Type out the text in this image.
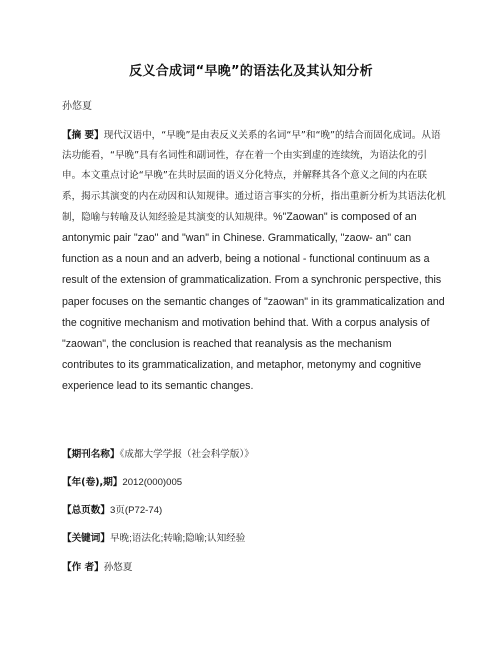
反义合成词“早晚”的语法化及其认知分析
孙悠夏
【摘 要】现代汉语中，“早晚”是由表反义关系的名词“早”和“晚”的结合而固化成词。从语法功能看，“早晚”具有名词性和副词性，存在着一个由实到虚的连续统，为语法化的引申。本文重点讨论“早晚”在共时层面的语义分化特点，并解释其各个意义之间的内在联系，揭示其演变的内在动因和认知规律。通过语言事实的分析，指出重新分析为其语法化机制，隐喻与转喻及认知经验是其演变的认知规律。%"Zaowan" is composed of an antonymic pair "zao" and "wan" in Chinese. Grammatically, "zaow- an" can function as a noun and an adverb, being a notional - functional continuum as a result of the extension of grammaticalization. From a synchronic perspective, this paper focuses on the semantic changes of "zaowan" in its grammaticalization and the cognitive mechanism and motivation behind that. With a corpus analysis of "zaowan", the conclusion is reached that reanalysis as the mechanism contributes to its grammaticalization, and metaphor, metonymy and cognitive experience lead to its semantic changes.
【期刊名称】《成都大学学报（社会科学版）》
【年(卷),期】2012(000)005
【总页数】3页(P72-74)
【关键词】早晚;语法化;转喻;隐喻;认知经验
【作 者】孙悠夏
